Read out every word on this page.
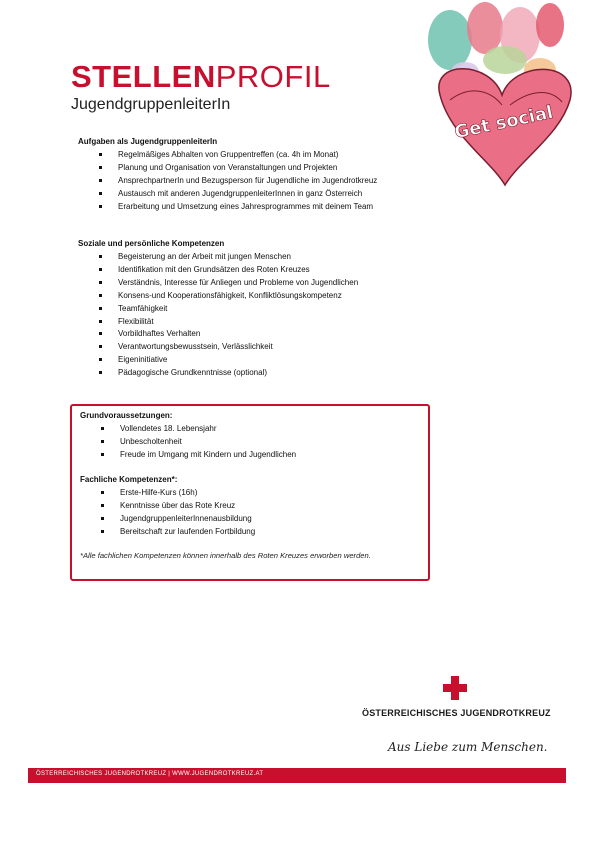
STELLENPROFIL
JugendgruppenleiterIn	Get social
Aufgaben als JugendgruppenleiterIn
Regelmäßiges Abhalten von Gruppentreffen (ca. 4h im Monat)
Planung und Organisation von Veranstaltungen und Projekten
AnsprechpartnerIn und Bezugsperson für Jugendliche im Jugendrotkreuz
Austausch mit anderen JugendgruppenleiterInnen in ganz Österreich
Erarbeitung und Umsetzung eines Jahresprogrammes mit deinem Team
Soziale und persönliche Kompetenzen
Begeisterung an der Arbeit mit jungen Menschen
Identifikation mit den Grundsätzen des Roten Kreuzes
Verständnis, Interesse für Anliegen und Probleme von Jugendlichen
Konsens-und Kooperationsfähigkeit, Konfliktlösungskompetenz
Teamfähigkeit
Flexibilität
Vorbildhaftes Verhalten
Verantwortungsbewusstsein, Verlässlichkeit
Eigeninitiative
Pädagogische Grundkenntnisse (optional)
Grundvoraussetzungen:
Vollendetes 18. Lebensjahr
Unbescholtenheit
Freude im Umgang mit Kindern und Jugendlichen
Fachliche Kompetenzen*:
Erste-Hilfe-Kurs (16h)
Kenntnisse über das Rote Kreuz
JugendgruppenleiterInnenausbildung
Bereitschaft zur laufenden Fortbildung
*Alle fachlichen Kompetenzen können innerhalb des Roten Kreuzes erworben werden.
ÖSTERREICHISCHES JUGENDROTKREUZ
Aus Liebe zum Menschen.
ÖSTERREICHISCHES JUGENDROTKREUZ | WWW.JUGENDROTKREUZ.AT
